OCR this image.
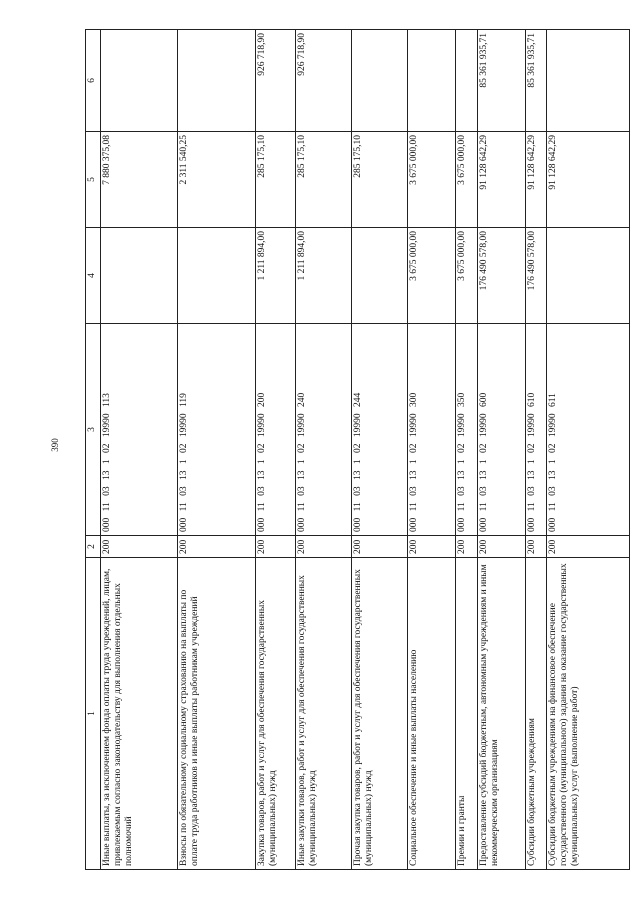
390
1	2	3	4	5	6
Иные выплаты, за исключением фонда оплаты труда учреждений, лицам, привлекаемым согласно законодательству для выполнения отдельных полномочий	200	000 11 03 13 1 02 19990 113		7 880 375,08	
Взносы по обязательному социальному страхованию на выплаты по оплате труда работников и иные выплаты работникам учреждений	200	000 11 03 13 1 02 19990 119		2 311 540,25	
Закупка товаров, работ и услуг для обеспечения государственных (муниципальных) нужд	200	000 11 03 13 1 02 19990 200	1 211 894,00	285 175,10	926 718,90
Иные закупки товаров, работ и услуг для обеспечения государственных (муниципальных) нужд	200	000 11 03 13 1 02 19990 240	1 211 894,00	285 175,10	926 718,90
Прочая закупка товаров, работ и услуг для обеспечения государственных (муниципальных) нужд	200	000 11 03 13 1 02 19990 244		285 175,10	
Социальное обеспечение и иные выплаты населению	200	000 11 03 13 1 02 19990 300	3 675 000,00	3 675 000,00	
Премии и гранты	200	000 11 03 13 1 02 19990 350	3 675 000,00	3 675 000,00	
Предоставление субсидий бюджетным, автономным учреждениям и иным некоммерческим организациям	200	000 11 03 13 1 02 19990 600	176 490 578,00	91 128 642,29	85 361 935,71
Субсидии бюджетным учреждениям	200	000 11 03 13 1 02 19990 610	176 490 578,00	91 128 642,29	85 361 935,71
Субсидии бюджетным учреждениям на финансовое обеспечение государственного (муниципального) задания на оказание государственных (муниципальных) услуг (выполнение работ)	200	000 11 03 13 1 02 19990 611		91 128 642,29	
